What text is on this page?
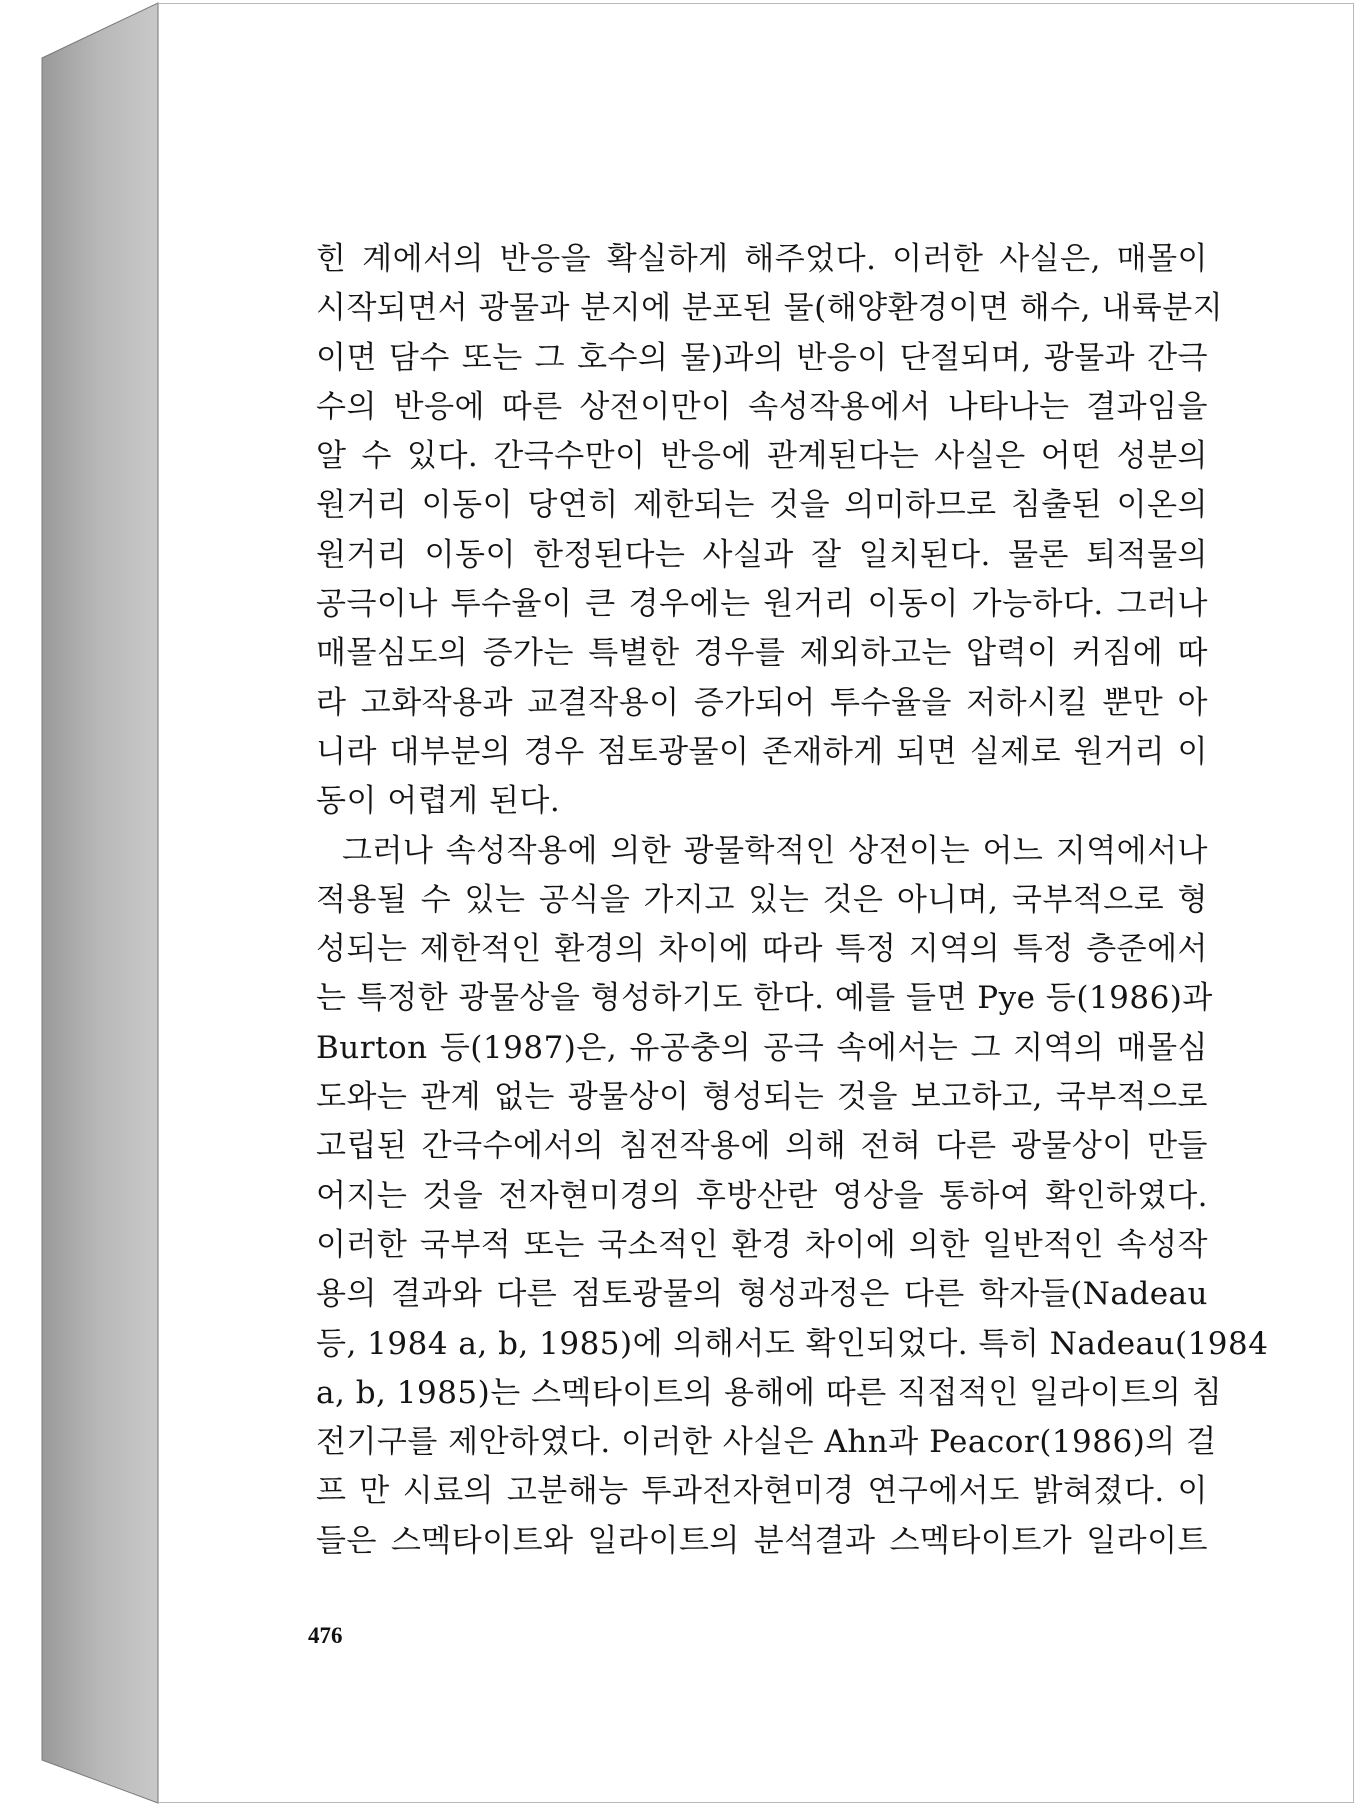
힌 계에서의 반응을 확실하게 해주었다. 이러한 사실은, 매몰이
시작되면서 광물과 분지에 분포된 물(해양환경이면 해수, 내륙분지
이면 담수 또는 그 호수의 물)과의 반응이 단절되며, 광물과 간극
수의 반응에 따른 상전이만이 속성작용에서 나타나는 결과임을
알 수 있다. 간극수만이 반응에 관계된다는 사실은 어떤 성분의
원거리 이동이 당연히 제한되는 것을 의미하므로 침출된 이온의
원거리 이동이 한정된다는 사실과 잘 일치된다. 물론 퇴적물의
공극이나 투수율이 큰 경우에는 원거리 이동이 가능하다. 그러나
매몰심도의 증가는 특별한 경우를 제외하고는 압력이 커짐에 따
라 고화작용과 교결작용이 증가되어 투수율을 저하시킬 뿐만 아
니라 대부분의 경우 점토광물이 존재하게 되면 실제로 원거리 이
동이 어렵게 된다.
그러나 속성작용에 의한 광물학적인 상전이는 어느 지역에서나
적용될 수 있는 공식을 가지고 있는 것은 아니며, 국부적으로 형
성되는 제한적인 환경의 차이에 따라 특정 지역의 특정 층준에서
는 특정한 광물상을 형성하기도 한다. 예를 들면 Pye 등(1986)과
Burton 등(1987)은, 유공충의 공극 속에서는 그 지역의 매몰심
도와는 관계 없는 광물상이 형성되는 것을 보고하고, 국부적으로
고립된 간극수에서의 침전작용에 의해 전혀 다른 광물상이 만들
어지는 것을 전자현미경의 후방산란 영상을 통하여 확인하였다.
이러한 국부적 또는 국소적인 환경 차이에 의한 일반적인 속성작
용의 결과와 다른 점토광물의 형성과정은 다른 학자들(Nadeau
등, 1984 a, b, 1985)에 의해서도 확인되었다. 특히 Nadeau(1984
a, b, 1985)는 스멕타이트의 용해에 따른 직접적인 일라이트의 침
전기구를 제안하였다. 이러한 사실은 Ahn과 Peacor(1986)의 걸
프 만 시료의 고분해능 투과전자현미경 연구에서도 밝혀졌다. 이
들은 스멕타이트와 일라이트의 분석결과 스멕타이트가 일라이트
476
